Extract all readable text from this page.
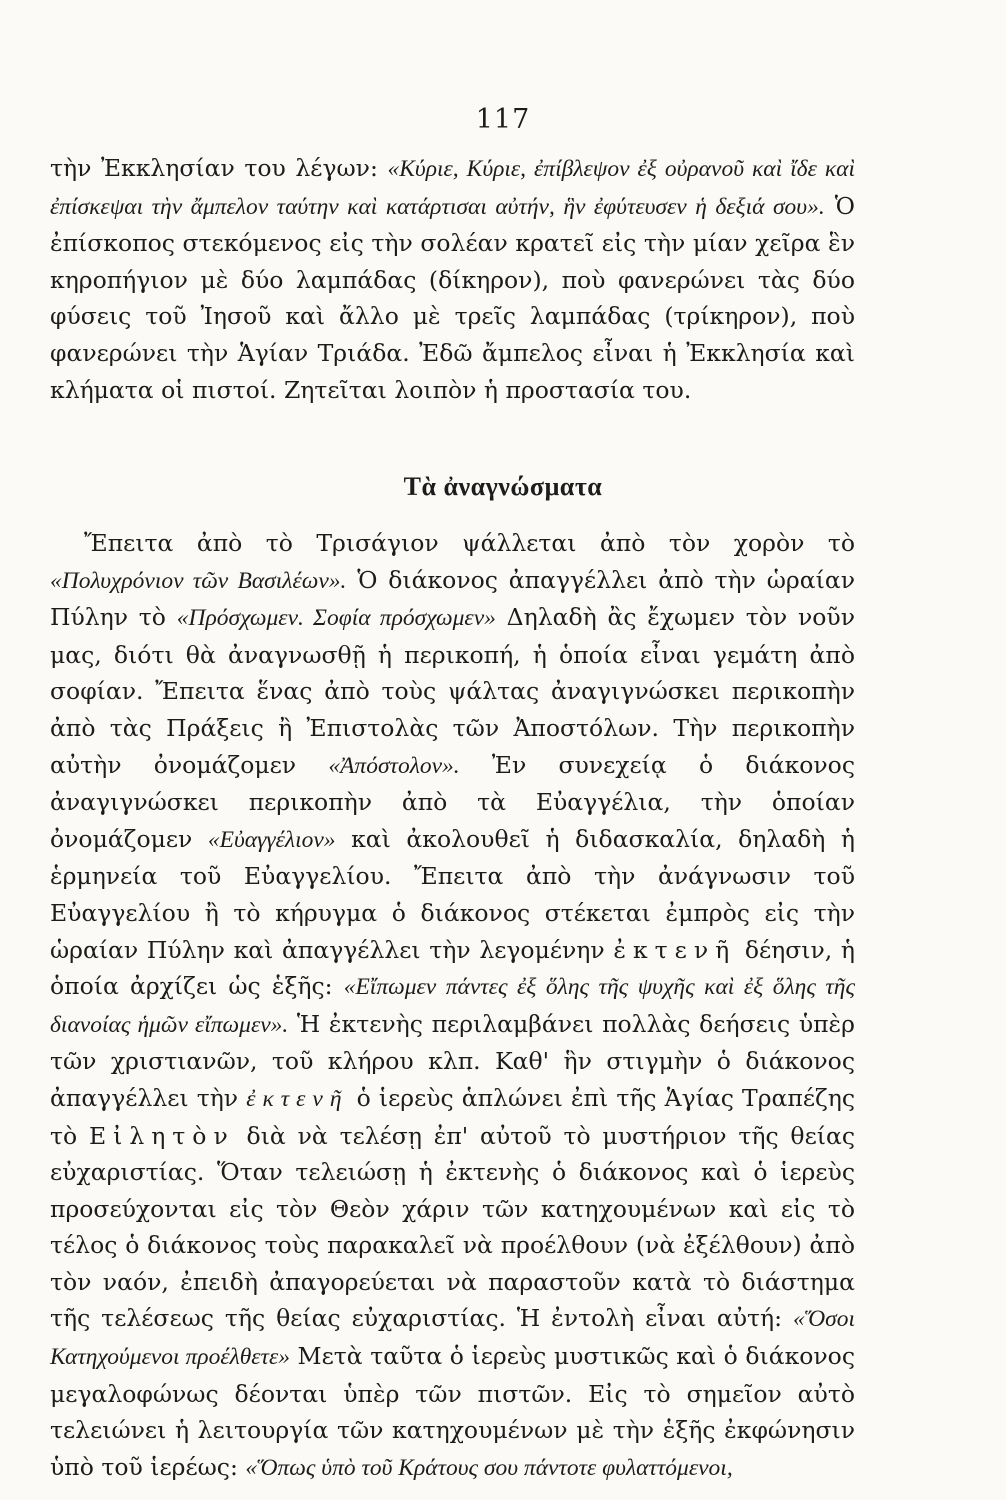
117

τὴν Ἐκκλησίαν του λέγων: «Κύριε, Κύριε, ἐπίβλεψον ἐξ οὐρανοῦ καὶ ἴδε καὶ ἐπίσκεψαι τὴν ἄμπελον ταύτην καὶ κατάρτισαι αὐτήν, ἣν ἐφύτευσεν ἡ δεξιά σου». Ὁ ἐπίσκοπος στεκόμενος εἰς τὴν σολέαν κρατεῖ εἰς τὴν μίαν χεῖρα ἓν κηροπήγιον μὲ δύο λαμπάδας (δίκηρον), ποὺ φανερώνει τὰς δύο φύσεις τοῦ Ἰησοῦ καὶ ἄλλο μὲ τρεῖς λαμπάδας (τρίκηρον), ποὺ φανερώνει τὴν Ἁγίαν Τριάδα. Ἐδῶ ἄμπελος εἶναι ἡ Ἐκκλησία καὶ κλήματα οἱ πιστοί. Ζητεῖται λοιπὸν ἡ προστασία του.

Τὰ ἀναγνώσματα

Ἔπειτα ἀπὸ τὸ Τρισάγιον ψάλλεται ἀπὸ τὸν χορὸν τὸ «Πολυχρόνιον τῶν Βασιλέων». Ὁ διάκονος ἀπαγγέλλει ἀπὸ τὴν ὡραίαν Πύλην τὸ «Πρόσχωμεν. Σοφία πρόσχωμεν» Δηλαδὴ ἂς ἔχωμεν τὸν νοῦν μας, διότι θὰ ἀναγνωσθῇ ἡ περικοπή, ἡ ὁποία εἶναι γεμάτη ἀπὸ σοφίαν. Ἔπειτα ἕνας ἀπὸ τοὺς ψάλτας ἀναγιγνώσκει περικοπὴν ἀπὸ τὰς Πράξεις ἢ Ἐπιστολὰς τῶν Ἀποστόλων. Τὴν περικοπὴν αὐτὴν ὀνομάζομεν «Ἀπόστολον». Ἐν συνεχείᾳ ὁ διάκονος ἀναγιγνώσκει περικοπὴν ἀπὸ τὰ Εὐαγγέλια, τὴν ὁποίαν ὀνομάζομεν «Εὐαγγέλιον» καὶ ἀκολουθεῖ ἡ διδασκαλία, δηλαδὴ ἡ ἑρμηνεία τοῦ Εὐαγγελίου. Ἔπειτα ἀπὸ τὴν ἀνάγνωσιν τοῦ Εὐαγγελίου ἢ τὸ κήρυγμα ὁ διάκονος στέκεται ἐμπρὸς εἰς τὴν ὡραίαν Πύλην καὶ ἀπαγγέλλει τὴν λεγομένην ἐκτενῆ δέησιν, ἡ ὁποία ἀρχίζει ὡς ἑξῆς: «Εἴπωμεν πάντες ἐξ ὅλης τῆς ψυχῆς καὶ ἐξ ὅλης τῆς διανοίας ἡμῶν εἴπωμεν». Ἡ ἐκτενὴς περιλαμβάνει πολλὰς δεήσεις ὑπὲρ τῶν χριστιανῶν, τοῦ κλήρου κλπ. Καθ' ἣν στιγμὴν ὁ διάκονος ἀπαγγέλλει τὴν ἐκτενῆ ὁ ἱερεὺς ἁπλώνει ἐπὶ τῆς Ἁγίας Τραπέζης τὸ Εἰλητὸν διὰ νὰ τελέσῃ ἐπ' αὐτοῦ τὸ μυστήριον τῆς θείας εὐχαριστίας. Ὅταν τελειώσῃ ἡ ἐκτενὴς ὁ διάκονος καὶ ὁ ἱερεὺς προσεύχονται εἰς τὸν Θεὸν χάριν τῶν κατηχουμένων καὶ εἰς τὸ τέλος ὁ διάκονος τοὺς παρακαλεῖ νὰ προέλθουν (νὰ ἐξέλθουν) ἀπὸ τὸν ναόν, ἐπειδὴ ἀπαγορεύεται νὰ παραστοῦν κατὰ τὸ διάστημα τῆς τελέσεως τῆς θείας εὐχαριστίας. Ἡ ἐντολὴ εἶναι αὐτή: «Ὅσοι Κατηχούμενοι προέλθετε» Μετὰ ταῦτα ὁ ἱερεὺς μυστικῶς καὶ ὁ διάκονος μεγαλοφώνως δέονται ὑπὲρ τῶν πιστῶν. Εἰς τὸ σημεῖον αὐτὸ τελειώνει ἡ λειτουργία τῶν κατηχουμένων μὲ τὴν ἑξῆς ἐκφώνησιν ὑπὸ τοῦ ἱερέως: «Ὅπως ὑπὸ τοῦ Κράτους σου πάντοτε φυλαττόμενοι,
